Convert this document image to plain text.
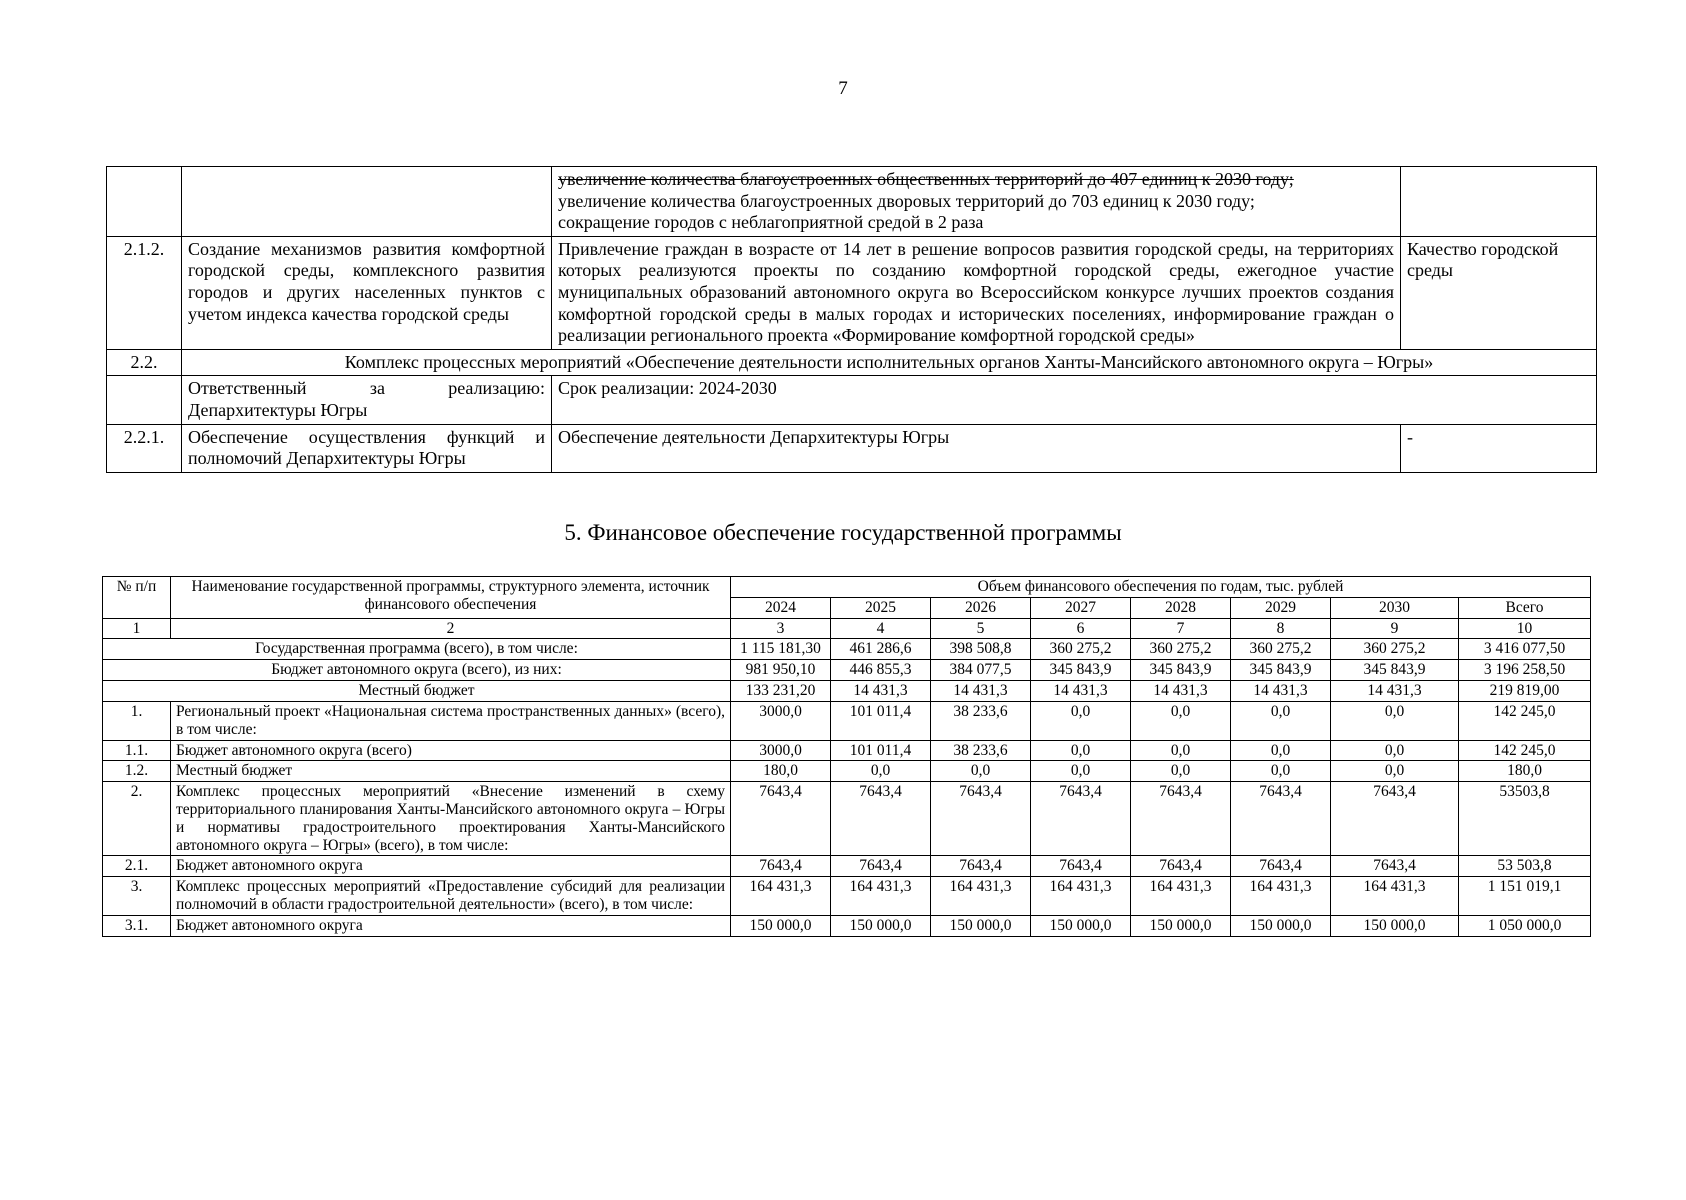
7

		увеличение количества благоустроенных общественных территорий до 407 единиц к 2030 году;
увеличение количества благоустроенных дворовых территорий до 703 единиц к 2030 году;
сокращение городов с неблагоприятной средой в 2 раза	

2.1.2.	Создание механизмов развития комфортной городской среды, комплексного развития городов и других населенных пунктов с учетом индекса качества городской среды	Привлечение граждан в возрасте от 14 лет в решение вопросов развития городской среды, на территориях которых реализуются проекты по созданию комфортной городской среды, ежегодное участие муниципальных образований автономного округа во Всероссийском конкурсе лучших проектов создания комфортной городской среды в малых городах и исторических поселениях, информирование граждан о реализации регионального проекта «Формирование комфортной городской среды»	Качество городской среды
2.2.	Комплекс процессных мероприятий «Обеспечение деятельности исполнительных органов Ханты-Мансийского автономного округа – Югры»		
	Ответственный за реализацию: Депархитектуры Югры	Срок реализации: 2024-2030	
2.2.1.	Обеспечение осуществления функций и полномочий Депархитектуры Югры	Обеспечение деятельности Депархитектуры Югры	-
5. Финансовое обеспечение государственной программы
№ п/п	Наименование государственной программы, структурного элемента, источник финансового обеспечения	Объем финансового обеспечения по годам, тыс. рублей							
		2024	2025	2026	2027	2028	2029	2030	Всего
1	2	3	4	5	6	7	8	9	10
Государственная программа (всего), в том числе:		1 115 181,30	461 286,6	398 508,8	360 275,2	360 275,2	360 275,2	360 275,2	3 416 077,50
Бюджет автономного округа (всего), из них:		981 950,10	446 855,3	384 077,5	345 843,9	345 843,9	345 843,9	345 843,9	3 196 258,50
Местный бюджет		133 231,20	14 431,3	14 431,3	14 431,3	14 431,3	14 431,3	14 431,3	219 819,00
1.	Региональный проект «Национальная система пространственных данных» (всего), в том числе:	3000,0	101 011,4	38 233,6	0,0	0,0	0,0	0,0	142 245,0
1.1.	Бюджет автономного округа (всего)	3000,0	101 011,4	38 233,6	0,0	0,0	0,0	0,0	142 245,0
1.2.	Местный бюджет	180,0	0,0	0,0	0,0	0,0	0,0	0,0	180,0
2.	Комплекс процессных мероприятий «Внесение изменений в схему территориального планирования Ханты-Мансийского автономного округа – Югры и нормативы градостроительного проектирования Ханты-Мансийского автономного округа – Югры» (всего), в том числе:	7643,4	7643,4	7643,4	7643,4	7643,4	7643,4	7643,4	53503,8
2.1.	Бюджет автономного округа	7643,4	7643,4	7643,4	7643,4	7643,4	7643,4	7643,4	53 503,8
3.	Комплекс процессных мероприятий «Предоставление субсидий для реализации полномочий в области градостроительной деятельности» (всего), в том числе:	164 431,3	164 431,3	164 431,3	164 431,3	164 431,3	164 431,3	164 431,3	1 151 019,1
3.1.	Бюджет автономного округа	150 000,0	150 000,0	150 000,0	150 000,0	150 000,0	150 000,0	150 000,0	1 050 000,0
